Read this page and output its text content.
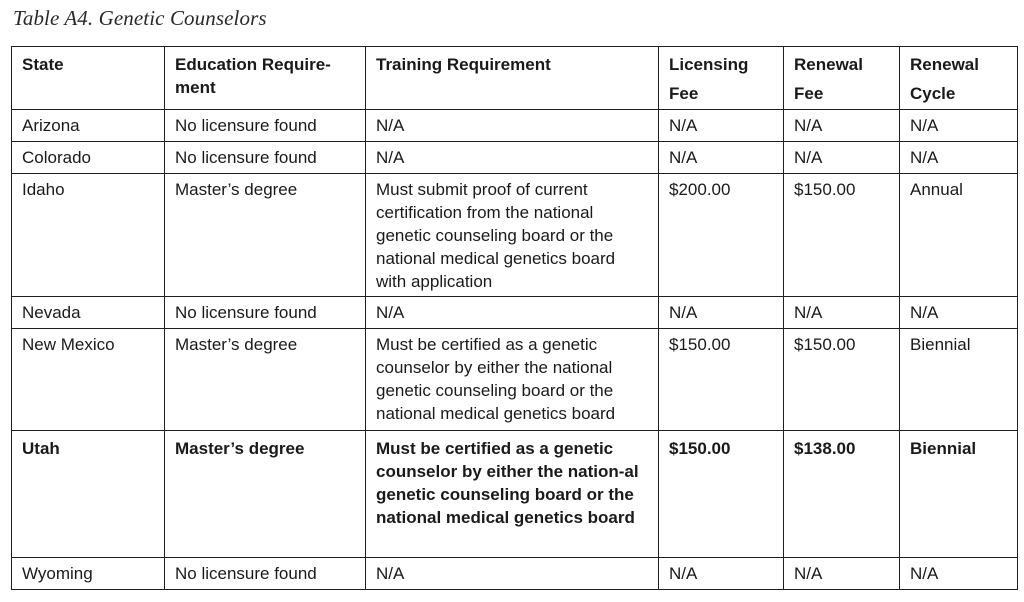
Table A4. Genetic Counselors
State	Education Require-ment	Training Requirement	Licensing Fee	Renewal Fee	Renewal Cycle
Arizona	No licensure found	N/A	N/A	N/A	N/A
Colorado	No licensure found	N/A	N/A	N/A	N/A
Idaho	Master’s degree	Must submit proof of current certification from the national genetic counseling board or the national medical genetics board with application	$200.00	$150.00	Annual
Nevada	No licensure found	N/A	N/A	N/A	N/A
New Mexico	Master’s degree	Must be certified as a genetic counselor by either the national genetic counseling board or the national medical genetics board	$150.00	$150.00	Biennial
Utah	Master’s degree	Must be certified as a genetic counselor by either the nation-al genetic counseling board or the national medical genetics board	$150.00	$138.00	Biennial
Wyoming	No licensure found	N/A	N/A	N/A	N/A
